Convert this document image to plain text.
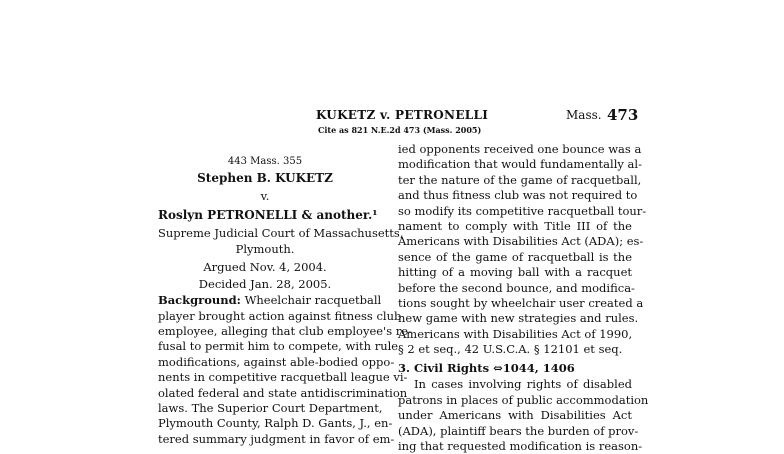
KUKETZ v. PETRONELLI	Mass. 473
Cite as 821 N.E.2d 473 (Mass. 2005)
443 Mass. 355
Stephen B. KUKETZ
v.
Roslyn PETRONELLI & another.¹
Supreme Judicial Court of Massachusetts,
Plymouth.
Argued Nov. 4, 2004.
Decided Jan. 28, 2005.
Background: Wheelchair racquetball
player brought action against fitness club
employee, alleging that club employee's re-
fusal to permit him to compete, with rule
modifications, against able-bodied oppo-
nents in competitive racquetball league vi-
olated federal and state antidiscrimination
laws. The Superior Court Department,
Plymouth County, Ralph D. Gants, J., en-
tered summary judgment in favor of em-
ied opponents received one bounce was a
modification that would fundamentally al-
ter the nature of the game of racquetball,
and thus fitness club was not required to
so modify its competitive racquetball tour-
nament to comply with Title III of the
Americans with Disabilities Act (ADA); es-
sence of the game of racquetball is the
hitting of a moving ball with a racquet
before the second bounce, and modifica-
tions sought by wheelchair user created a
new game with new strategies and rules.
Americans with Disabilities Act of 1990,
§ 2 et seq., 42 U.S.C.A. § 12101 et seq.
3. Civil Rights ⇔1044, 1406
In cases involving rights of disabled
patrons in places of public accommodation
under Americans with Disabilities Act
(ADA), plaintiff bears the burden of prov-
ing that requested modification is reason-
